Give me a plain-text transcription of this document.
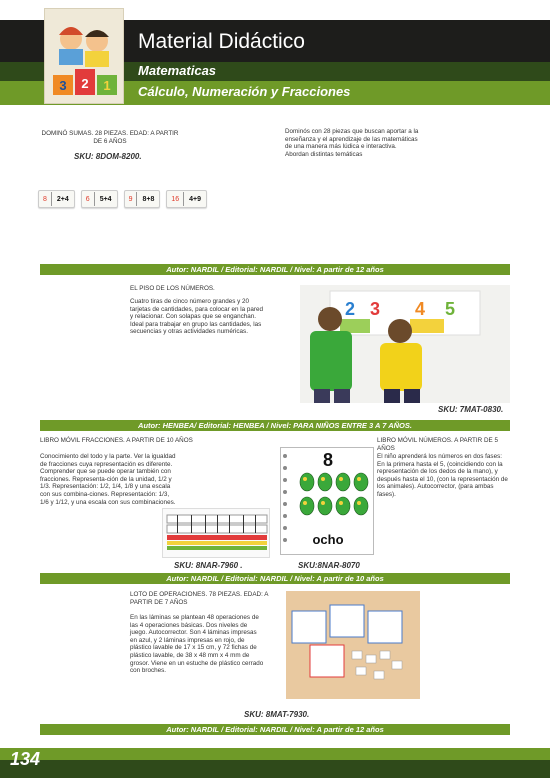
3 2 1
Material Didáctico
Matematicas
Cálculo, Numeración y Fracciones
DOMINÓ SUMAS. 28 PIEZAS. EDAD: A PARTIR DE 6 AÑOS
SKU: 8DOM-8200.
Dominós con 28 piezas que buscan aportar a la enseñanza y el aprendizaje de las matemáticas de una manera más lúdica e interactiva. Abordan distintas temáticas
8	2+4	6	5+4	9	8+8	16	4+9
Autor: NARDIL / Editorial: NARDIL / Nivel: A partir de 12 años
EL PISO DE LOS NÚMEROS.
Cuatro tiras de cinco número grandes y 20 tarjetas de cantidades, para colocar en la pared y relacionar. Con solapas que se enganchan. Ideal para trabajar en grupo las cantidades, las secuencias y otras actividades numéricas.
2 3 4 5
SKU: 7MAT-0830.
Autor: HENBEA/ Editorial: HENBEA / Nivel: PARA NIÑOS ENTRE 3 A 7 AÑOS.
LIBRO MÓVIL FRACCIONES. A PARTIR DE 10 AÑOS
Conocimiento del todo y la parte. Ver la igualdad de fracciones cuya representación es diferente. Comprender que se puede operar también con fracciones. Representa-ción de la unidad, 1/2 y 1/3. Representación: 1/2, 1/4, 1/8 y una escala con sus combina-ciones. Representación: 1/3, 1/6 y 1/12, y una escala con sus combinaciones.
SKU: 8NAR-7960 .
8
ocho
LIBRO MÓVIL NÚMEROS. A PARTIR DE 5 AÑOS
El niño aprenderá los números en dos fases: En la primera hasta el 5, (coincidiendo con la representación de los dedos de la mano), y después hasta el 10, (con la representación de los animales). Autocorrector, (para ambas fases).
SKU:8NAR-8070
Autor: NARDIL / Editorial: NARDIL / Nivel: A partir de 10 años
LOTO DE OPERACIONES. 78 PIEZAS. EDAD: A PARTIR DE 7 AÑOS
En las láminas se plantean 48 operaciones de las 4 operaciones básicas. Dos niveles de juego. Autocorrector. Son 4 láminas impresas en azul, y 2 láminas impresas en rojo, de plástico lavable de 17 x 15 cm, y 72 fichas de plástico lavable, de 38 x 48 mm x 4 mm de grosor. Viene en un estuche de plástico cerrado con broches.
SKU: 8MAT-7930.
Autor: NARDIL / Editorial: NARDIL / Nivel: A partir de 12 años
134
